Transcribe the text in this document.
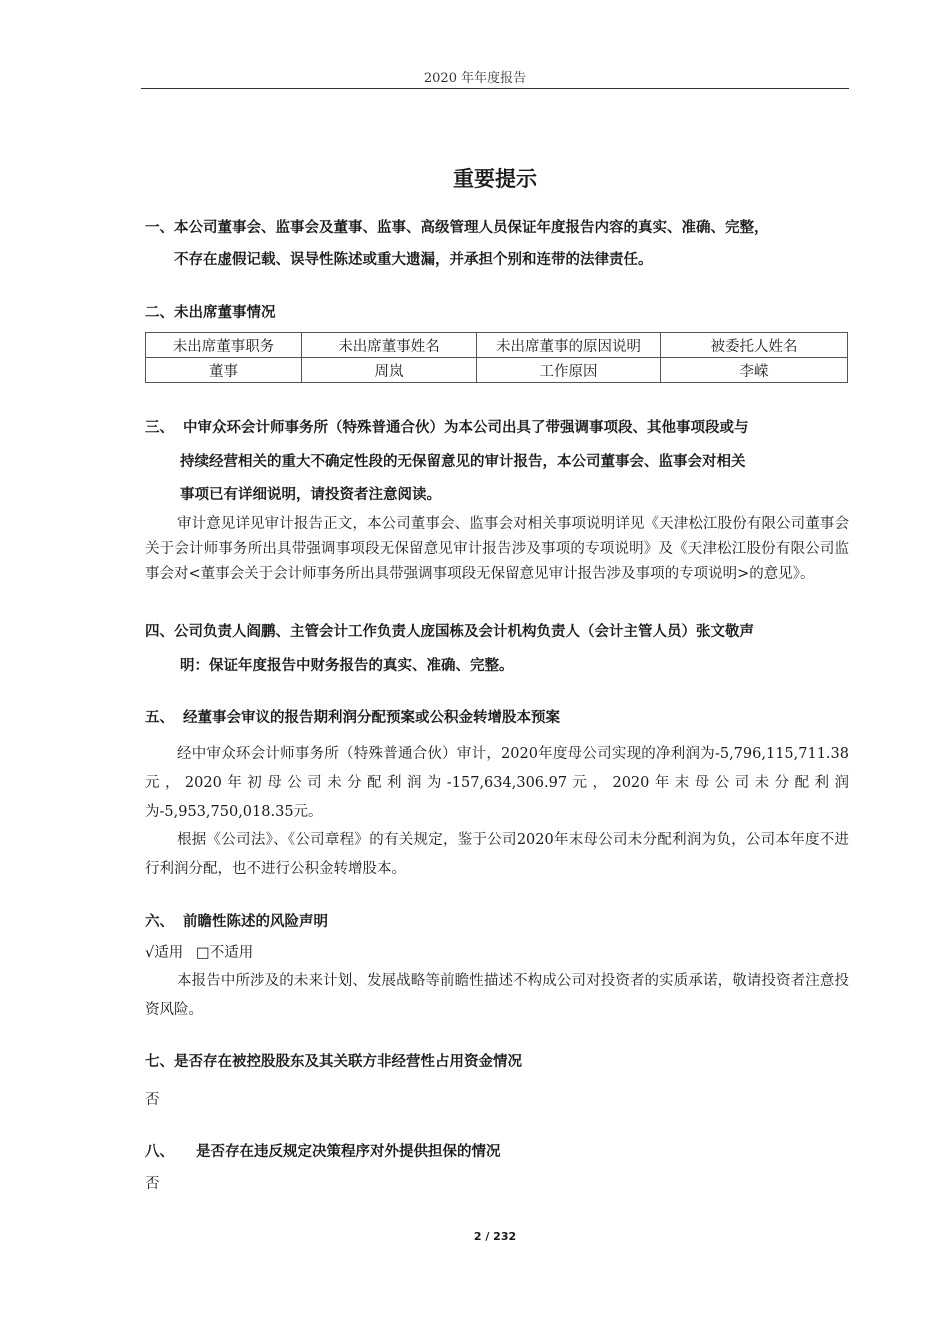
2020 年年度报告
重要提示
一、本公司董事会、监事会及董事、监事、高级管理人员保证年度报告内容的真实、准确、完整，
不存在虚假记载、误导性陈述或重大遗漏，并承担个别和连带的法律责任。
二、未出席董事情况
未出席董事职务	未出席董事姓名	未出席董事的原因说明	被委托人姓名
董事	周岚	工作原因	李嵘
三、 中审众环会计师事务所（特殊普通合伙）为本公司出具了带强调事项段、其他事项段或与
持续经营相关的重大不确定性段的无保留意见的审计报告，本公司董事会、监事会对相关
事项已有详细说明，请投资者注意阅读。
审计意见详见审计报告正文，本公司董事会、监事会对相关事项说明详见《天津松江股份有限公司董事会关于会计师事务所出具带强调事项段无保留意见审计报告涉及事项的专项说明》及《天津松江股份有限公司监事会对<董事会关于会计师事务所出具带强调事项段无保留意见审计报告涉及事项的专项说明>的意见》。
四、公司负责人阎鹏、主管会计工作负责人庞国栋及会计机构负责人（会计主管人员）张文敬声
明：保证年度报告中财务报告的真实、准确、完整。
五、 经董事会审议的报告期利润分配预案或公积金转增股本预案
经中审众环会计师事务所（特殊普通合伙）审计，2020年度母公司实现的净利润为-5,796,115,711.38元，2020年初母公司未分配利润为-157,634,306.97元，2020年末母公司未分配利润为-5,953,750,018.35元。
根据《公司法》、《公司章程》的有关规定，鉴于公司2020年末母公司未分配利润为负，公司本年度不进行利润分配，也不进行公积金转增股本。
六、 前瞻性陈述的风险声明
√适用 □不适用
本报告中所涉及的未来计划、发展战略等前瞻性描述不构成公司对投资者的实质承诺，敬请投资者注意投资风险。
七、是否存在被控股股东及其关联方非经营性占用资金情况
否
八、 是否存在违反规定决策程序对外提供担保的情况
否
2 / 232
